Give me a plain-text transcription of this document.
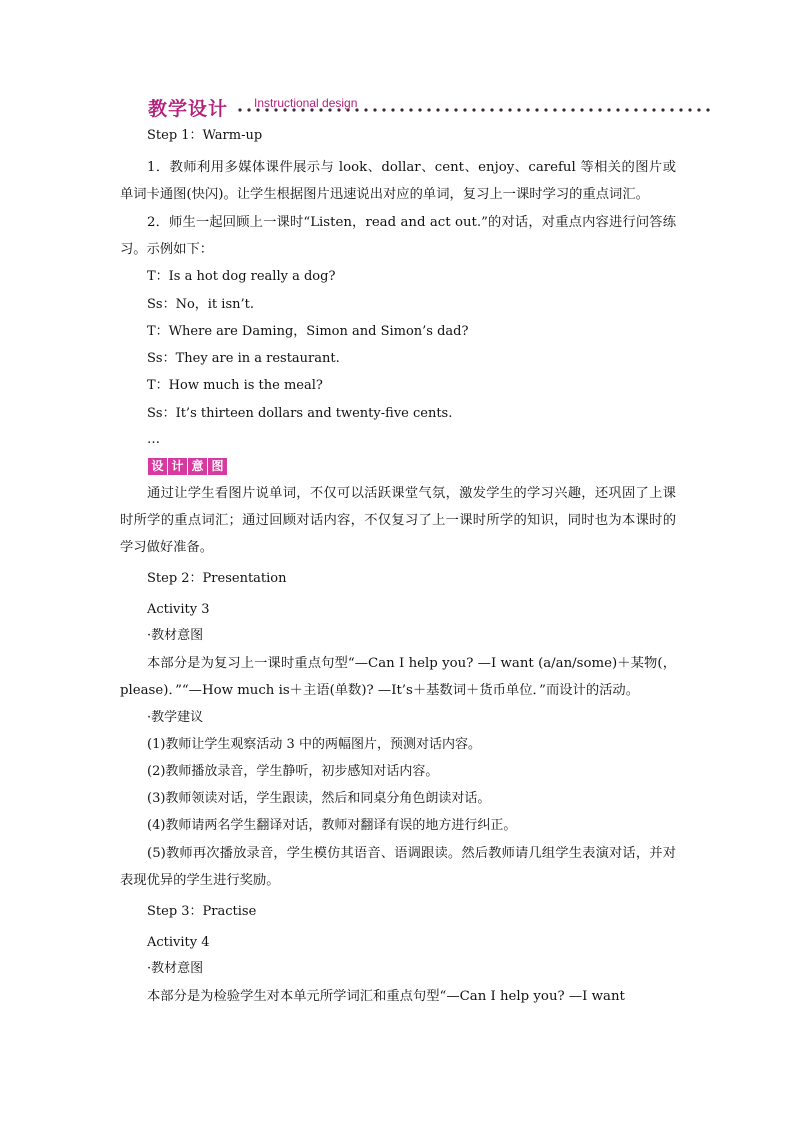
教学设计 Instructional design
Step 1：Warm-up
1．教师利用多媒体课件展示与 look、dollar、cent、enjoy、careful 等相关的图片或单词卡通图(快闪)。让学生根据图片迅速说出对应的单词，复习上一课时学习的重点词汇。
2．师生一起回顾上一课时“Listen，read and act out.”的对话，对重点内容进行问答练习。示例如下：
T：Is a hot dog really a dog?
Ss：No，it isn’t.
T：Where are Daming，Simon and Simon’s dad?
Ss：They are in a restaurant.
T：How much is the meal?
Ss：It’s thirteen dollars and twenty-five cents.
…
设 计 意 图
通过让学生看图片说单词，不仅可以活跃课堂气氛，激发学生的学习兴趣，还巩固了上课时所学的重点词汇；通过回顾对话内容，不仅复习了上一课时所学的知识，同时也为本课时的学习做好准备。
Step 2：Presentation
Activity 3
·教材意图
本部分是为复习上一课时重点句型“—Can I help you? —I want (a/an/some)＋某物(，please)．”“—How much is＋主语(单数)? —It’s＋基数词＋货币单位．”而设计的活动。
·教学建议
(1)教师让学生观察活动 3 中的两幅图片，预测对话内容。
(2)教师播放录音，学生静听，初步感知对话内容。
(3)教师领读对话，学生跟读，然后和同桌分角色朗读对话。
(4)教师请两名学生翻译对话，教师对翻译有误的地方进行纠正。
(5)教师再次播放录音，学生模仿其语音、语调跟读。然后教师请几组学生表演对话，并对表现优异的学生进行奖励。
Step 3：Practise
Activity 4
·教材意图
本部分是为检验学生对本单元所学词汇和重点句型“—Can I help you? —I want
